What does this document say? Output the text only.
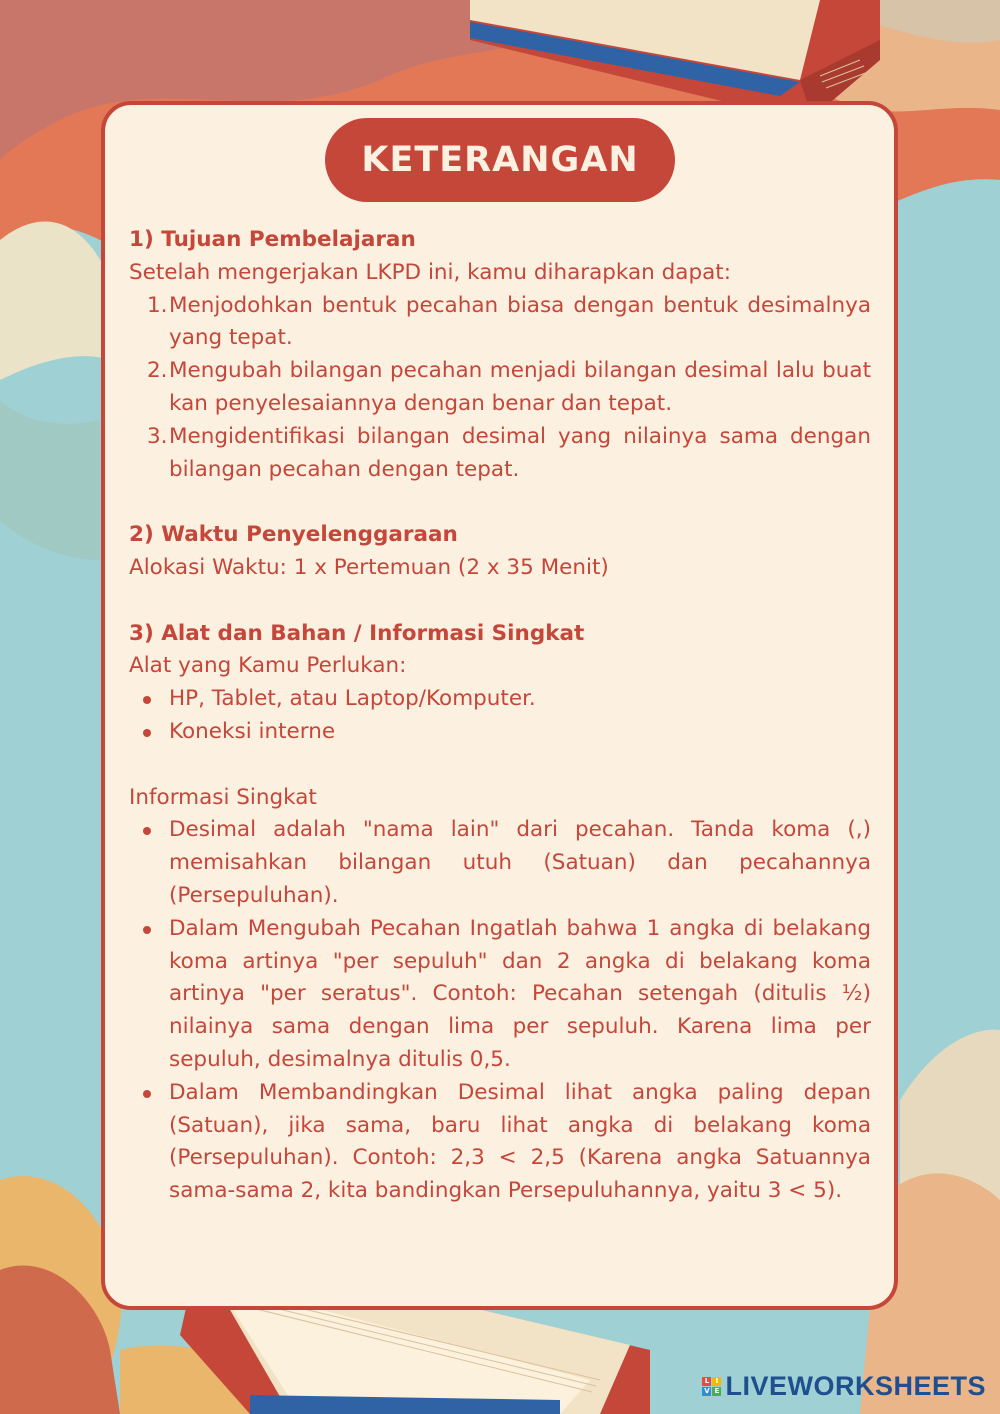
KETERANGAN
1) Tujuan Pembelajaran
Setelah mengerjakan LKPD ini, kamu diharapkan dapat:
1. Menjodohkan bentuk pecahan biasa dengan bentuk desimalnya yang tepat.
2. Mengubah bilangan pecahan menjadi bilangan desimal lalu buat kan penyelesaiannya dengan benar dan tepat.
3. Mengidentifikasi bilangan desimal yang nilainya sama dengan bilangan pecahan dengan tepat.
2) Waktu Penyelenggaraan
Alokasi Waktu: 1 x Pertemuan (2 x 35 Menit)
3) Alat dan Bahan / Informasi Singkat
Alat yang Kamu Perlukan:
HP, Tablet, atau Laptop/Komputer.
Koneksi interne
Informasi Singkat
Desimal adalah "nama lain" dari pecahan. Tanda koma (,) memisahkan bilangan utuh (Satuan) dan pecahannya (Persepuluhan).
Dalam Mengubah Pecahan Ingatlah bahwa 1 angka di belakang koma artinya "per sepuluh" dan 2 angka di belakang koma artinya "per seratus". Contoh: Pecahan setengah (ditulis ½) nilainya sama dengan lima per sepuluh. Karena lima per sepuluh, desimalnya ditulis 0,5.
Dalam Membandingkan Desimal lihat angka paling depan (Satuan), jika sama, baru lihat angka di belakang koma (Persepuluhan). Contoh: 2,3 < 2,5 (Karena angka Satuannya sama-sama 2, kita bandingkan Persepuluhannya, yaitu 3 < 5).
L I
V E LIVEWORKSHEETS
